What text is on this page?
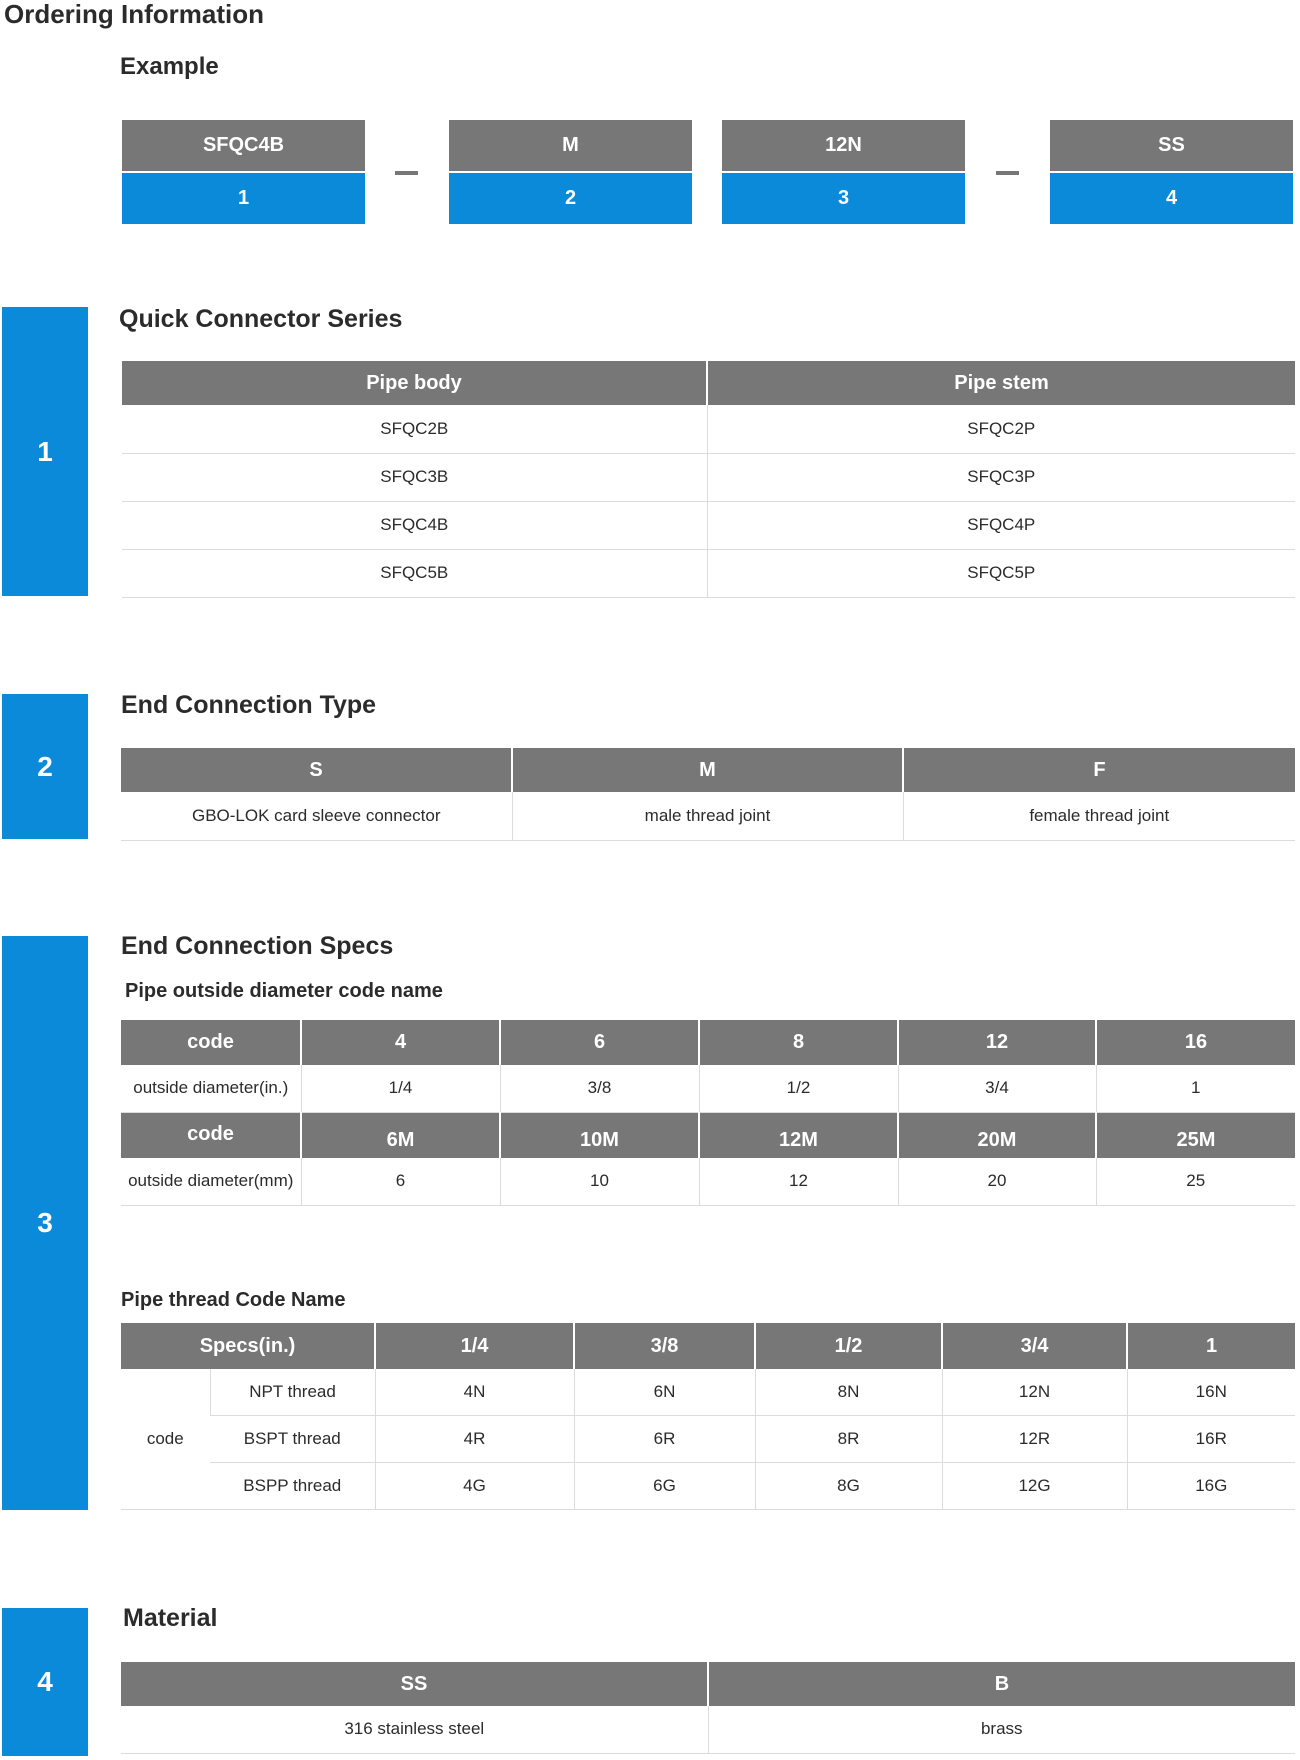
Ordering Information
Example
SFQC4B
1
M
2
12N
3
SS
4
1
Quick Connector Series
Pipe body	Pipe stem
SFQC2B	SFQC2P
SFQC3B	SFQC3P
SFQC4B	SFQC4P
SFQC5B	SFQC5P
2
End Connection Type
S	M	F
GBO-LOK card sleeve connector	male thread joint	female thread joint
3
End Connection Specs
Pipe outside diameter code name
code	4	6	8	12	16
outside diameter(in.)	1/4	3/8	1/2	3/4	1
code	6M	10M	12M	20M	25M
outside diameter(mm)	6	10	12	20	25
Pipe thread Code Name
Specs(in.)		1/4	3/8	1/2	3/4	1
code	NPT thread	4N	6N	8N	12N	16N
	BSPT thread	4R	6R	8R	12R	16R
	BSPP thread	4G	6G	8G	12G	16G
4
Material
SS	B
316 stainless steel	brass
